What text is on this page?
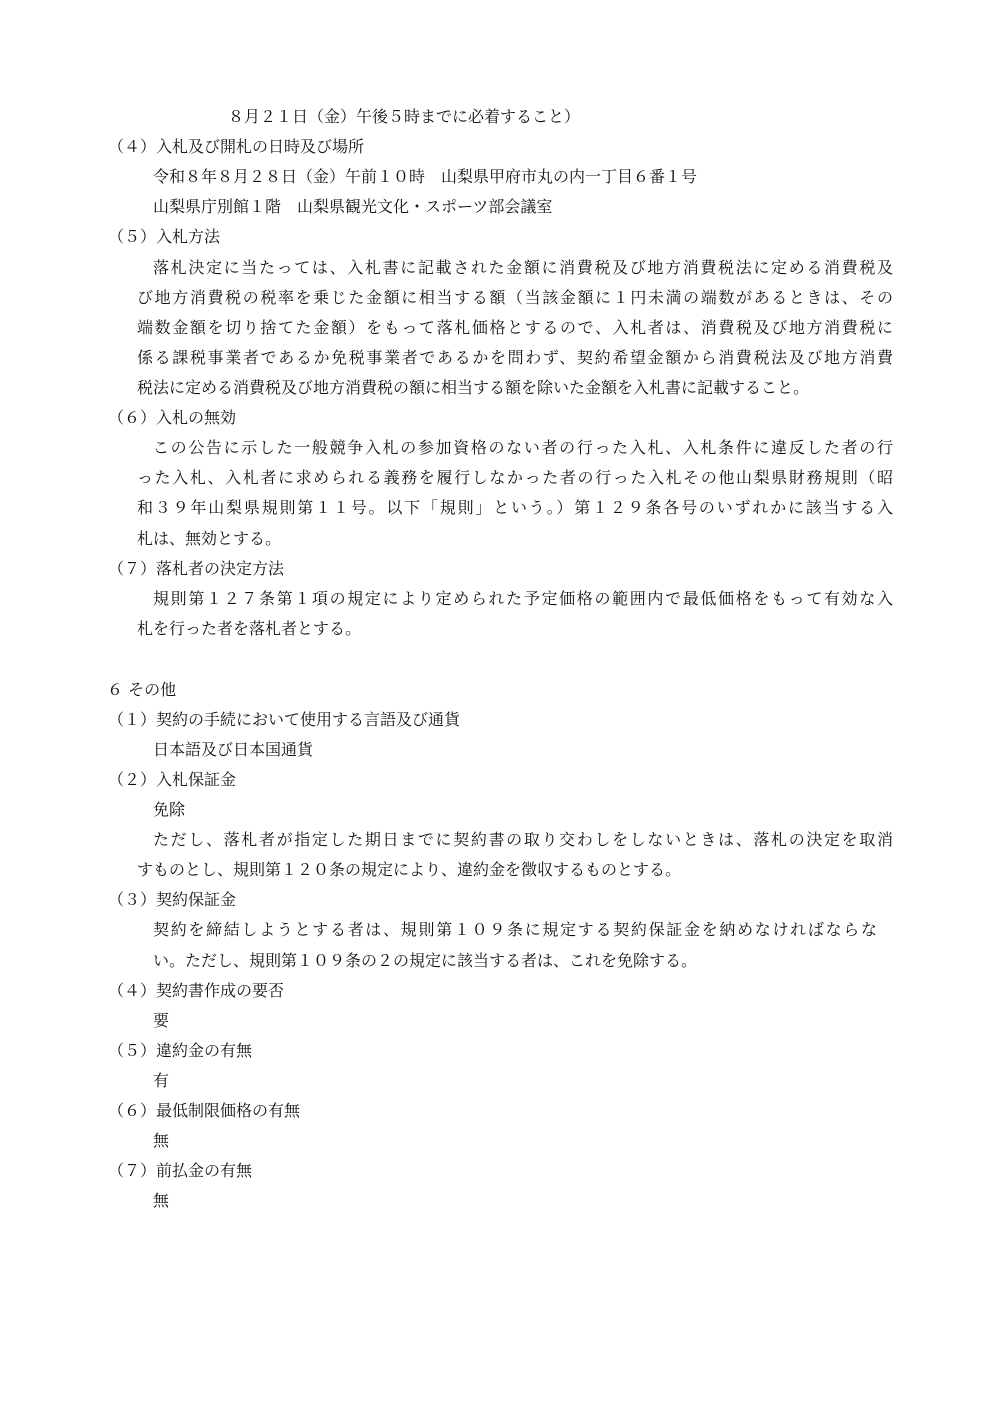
８月２１日（金）午後５時までに必着すること）
（４）入札及び開札の日時及び場所
令和８年８月２８日（金）午前１０時　山梨県甲府市丸の内一丁目６番１号
山梨県庁別館１階　山梨県観光文化・スポーツ部会議室
（５）入札方法
落札決定に当たっては、入札書に記載された金額に消費税及び地方消費税法に定める消費税及
び地方消費税の税率を乗じた金額に相当する額（当該金額に１円未満の端数があるときは、その
端数金額を切り捨てた金額）をもって落札価格とするので、入札者は、消費税及び地方消費税に
係る課税事業者であるか免税事業者であるかを問わず、契約希望金額から消費税法及び地方消費
税法に定める消費税及び地方消費税の額に相当する額を除いた金額を入札書に記載すること。
（６）入札の無効
この公告に示した一般競争入札の参加資格のない者の行った入札、入札条件に違反した者の行
った入札、入札者に求められる義務を履行しなかった者の行った入札その他山梨県財務規則（昭
和３９年山梨県規則第１１号。以下「規則」という。）第１２９条各号のいずれかに該当する入
札は、無効とする。
（７）落札者の決定方法
規則第１２７条第１項の規定により定められた予定価格の範囲内で最低価格をもって有効な入
札を行った者を落札者とする。
６ その他
（１）契約の手続において使用する言語及び通貨
日本語及び日本国通貨
（２）入札保証金
免除
ただし、落札者が指定した期日までに契約書の取り交わしをしないときは、落札の決定を取消
すものとし、規則第１２０条の規定により、違約金を徴収するものとする。
（３）契約保証金
契約を締結しようとする者は、規則第１０９条に規定する契約保証金を納めなければならな
い。ただし、規則第１０９条の２の規定に該当する者は、これを免除する。
（４）契約書作成の要否
要
（５）違約金の有無
有
（６）最低制限価格の有無
無
（７）前払金の有無
無
